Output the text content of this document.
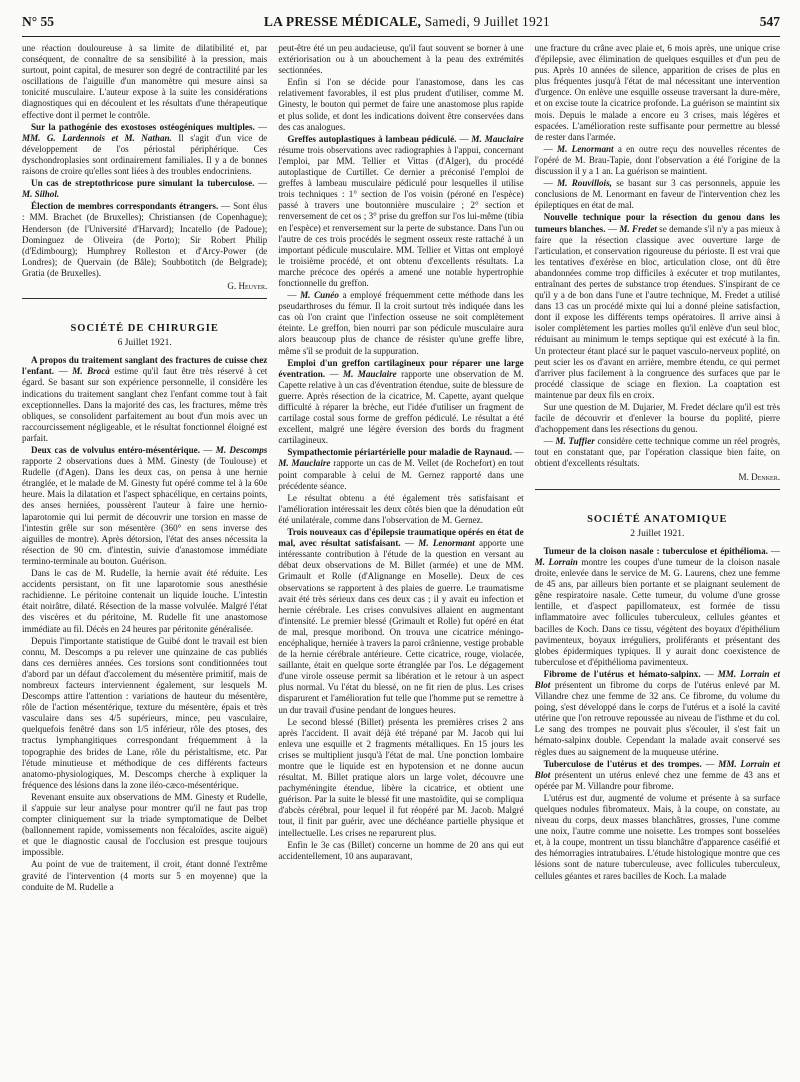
N° 55	LA PRESSE MÉDICALE, Samedi, 9 Juillet 1921	547

une réaction douloureuse à sa limite de dilatibilité et, par conséquent, de connaître de sa sensibilité à la pression, mais surtout, point capital, de mesurer son degré de contractilité par les oscillations de l'aiguille d'un manomètre qui mesure ainsi sa tonicité musculaire. L'auteur expose à la suite les considérations diagnostiques qui en découlent et les résultats d'une thérapeutique effective dont il permet le contrôle.

Sur la pathogénie des exostoses ostéogéniques multiples. — MM. G. Lardennois et M. Nathan. Il s'agit d'un vice de développement de l'os périostal périphérique. Ces dyschondroplasies sont ordinairement familiales. Il y a de bonnes raisons de croire qu'elles sont liées à des troubles endocriniens.

Un cas de streptothricose pure simulant la tuberculose. — M. Silhol.

Élection de membres correspondants étrangers. — Sont élus : MM. Brachet (de Bruxelles); Christiansen (de Copenhague); Henderson (de l'Université d'Harvard); Incatello (de Padoue); Dominguez de Oliveira (de Porto); Sir Robert Philip (d'Edimbourg); Humphrey Rolleston et d'Arcy-Power (de Londres); de Quervain (de Bâle); Soubbotitch (de Belgrade); Gratia (de Bruxelles).

G. Heuyer.

SOCIÉTÉ DE CHIRURGIE

6 Juillet 1921.

A propos du traitement sanglant des fractures de cuisse chez l'enfant. — M. Brocà estime qu'il faut être très réservé à cet égard. Se basant sur son expérience personnelle, il considère les indications du traitement sanglant chez l'enfant comme tout à fait exceptionnelles. Dans la majorité des cas, les fractures, même très obliques, se consolident parfaitement au bout d'un mois avec un raccourcissement négligeable, et le résultat fonctionnel éloigné est parfait.

Deux cas de volvulus entéro-mésentérique. — M. Descomps rapporte 2 observations dues à MM. Ginesty (de Toulouse) et Rudelle (d'Agen). Dans les deux cas, on pensa à une hernie étranglée, et le malade de M. Ginesty fut opéré comme tel à la 60e heure. Mais la dilatation et l'aspect sphacélique, en certains points, des anses herniées, poussèrent l'auteur à faire une hernio-laparotomie qui lui permit de découvrir une torsion en masse de l'intestin grêle sur son mésentère (360° en sens inverse des aiguilles de montre). Après détorsion, l'état des anses nécessita la résection de 90 cm. d'intestin, suivie d'anastomose immédiate termino-terminale au bouton. Guérison.

Dans le cas de M. Rudelle, la hernie avait été réduite. Les accidents persistant, on fit une laparotomie sous anesthésie rachidienne. Le péritoine contenait un liquide louche. L'intestin était noirâtre, dilaté. Résection de la masse volvulée. Malgré l'état des viscères et du péritoine, M. Rudelle fit une anastomose immédiate au fil. Décès en 24 heures par péritonite généralisée.

Depuis l'importante statistique de Guibé dont le travail est bien connu, M. Descomps a pu relever une quinzaine de cas publiés dans ces dernières années. Ces torsions sont conditionnées tout d'abord par un défaut d'accolement du mésentère primitif, mais de nombreux facteurs interviennent également, sur lesquels M. Descomps attire l'attention : variations de hauteur du mésentère, rôle de l'action mésentérique, texture du mésentère, épais et très vasculaire dans ses 4/5 supérieurs, mince, peu vasculaire, quelquefois fenêtré dans son 1/5 inférieur, rôle des ptoses, des tractus lymphangitiques correspondant fréquemment à la topographie des brides de Lane, rôle du péristaltisme, etc. Par l'étude minutieuse et méthodique de ces différents facteurs anatomo-physiologiques, M. Descomps cherche à expliquer la fréquence des lésions dans la zone iléo-cæco-mésentérique.

Revenant ensuite aux observations de MM. Ginesty et Rudelle, il s'appuie sur leur analyse pour montrer qu'il ne faut pas trop compter cliniquement sur la triade symptomatique de Delbet (ballonnement rapide, vomissements non fécaloïdes, ascite aiguë) et que le diagnostic causal de l'occlusion est presque toujours impossible.

Au point de vue de traitement, il croit, étant donné l'extrême gravité de l'intervention (4 morts sur 5 en moyenne) que la conduite de M. Rudelle a

peut-être été un peu audacieuse, qu'il faut souvent se borner à une extériorisation ou à un abouchement à la peau des extrémités sectionnées.

Enfin si l'on se décide pour l'anastomose, dans les cas relativement favorables, il est plus prudent d'utiliser, comme M. Ginesty, le bouton qui permet de faire une anastomose plus rapide et plus solide, et dont les indications doivent être conservées dans des cas analogues.

Greffes autoplastiques à lambeau pédiculé. — M. Mauclaire résume trois observations avec radiographies à l'appui, concernant l'emploi, par MM. Tellier et Vittas (d'Alger), du procédé autoplastique de Curtillet. Ce dernier a préconisé l'emploi de greffes à lambeau musculaire pédiculé pour lesquelles il utilise trois techniques : 1° section de l'os voisin (péroné en l'espèce) passé à travers une boutonnière musculaire ; 2° section et renversement de cet os ; 3° prise du greffon sur l'os lui-même (tibia en l'espèce) et renversement sur la perte de substance. Dans l'un ou l'autre de ces trois procédés le segment osseux reste rattaché à un important pédicule musculaire. MM. Tellier et Vittas ont employé le troisième procédé, et ont obtenu d'excellents résultats. La marche précoce des opérés a amené une notable hypertrophie fonctionnelle du greffon.

— M. Cunéo a employé fréquemment cette méthode dans les pseudarthroses du fémur. Il la croit surtout très indiquée dans les cas où l'on craint que l'infection osseuse ne soit complètement éteinte. Le greffon, bien nourri par son pédicule musculaire aura alors beaucoup plus de chance de résister qu'une greffe libre, même s'il se produit de la suppuration.

Emploi d'un greffon cartilagineux pour réparer une large éventration. — M. Mauclaire rapporte une observation de M. Capette relative à un cas d'éventration étendue, suite de blessure de guerre. Après résection de la cicatrice, M. Capette, ayant quelque difficulté à réparer la brèche, eut l'idée d'utiliser un fragment de cartilage costal sous forme de greffon pédiculé. Le résultat a été excellent, malgré une légère éversion des bords du fragment cartilagineux.

Sympathectomie périartérielle pour maladie de Raynaud. — M. Mauclaire rapporte un cas de M. Vellet (de Rochefort) en tout point comparable à celui de M. Gernez rapporté dans une précédente séance.

Le résultat obtenu a été également très satisfaisant et l'amélioration intéressait les deux côtés bien que la dénudation eût été unilatérale, comme dans l'observation de M. Gernez.

Trois nouveaux cas d'épilepsie traumatique opérés en état de mal, avec résultat satisfaisant. — M. Lenormant apporte une intéressante contribution à l'étude de la question en versant au débat deux observations de M. Billet (armée) et une de MM. Grimault et Rolle (d'Alignange en Moselle). Deux de ces observations se rapportent à des plaies de guerre. Le traumatisme avait été très sérieux dans ces deux cas ; il y avait eu infection et hernie cérébrale. Les crises convulsives allaient en augmentant d'intensité. Le premier blessé (Grimault et Rolle) fut opéré en état de mal, presque moribond. On trouva une cicatrice méningo-encéphalique, herniée à travers la paroi crânienne, vestige probable de la hernie cérébrale antérieure. Cette cicatrice, rouge, violacée, saillante, était en quelque sorte étranglée par l'os. Le dégagement d'une virole osseuse permit sa libération et le retour à un aspect plus normal. Vu l'état du blessé, on ne fit rien de plus. Les crises disparurent et l'amélioration fut telle que l'homme put se remettre à un dur travail d'usine pendant de longues heures.

Le second blessé (Billet) présenta les premières crises 2 ans après l'accident. Il avait déjà été trépané par M. Jacob qui lui enleva une esquille et 2 fragments métalliques. En 15 jours les crises se multiplient jusqu'à l'état de mal. Une ponction lombaire montre que le liquide est en hypotension et ne donne aucun résultat. M. Billet pratique alors un large volet, découvre une pachyméningite étendue, libère la cicatrice, et obtient une guérison. Par la suite le blessé fit une mastoïdite, qui se compliqua d'abcès cérébral, pour lequel il fut réopéré par M. Jacob. Malgré tout, il finit par guérir, avec une déchéance partielle physique et intellectuelle. Les crises ne reparurent plus.

Enfin le 3e cas (Billet) concerne un homme de 20 ans qui eut accidentellement, 10 ans auparavant,

une fracture du crâne avec plaie et, 6 mois après, une unique crise d'épilepsie, avec élimination de quelques esquilles et d'un peu de pus. Après 10 années de silence, apparition de crises de plus en plus fréquentes jusqu'à l'état de mal nécessitant une intervention d'urgence. On enlève une esquille osseuse traversant la dure-mère, et on excise toute la cicatrice profonde. La guérison se maintint six mois. Depuis le malade a encore eu 3 crises, mais légères et espacées. L'amélioration reste suffisante pour permettre au blessé de rester dans l'armée.

— M. Lenormant a en outre reçu des nouvelles récentes de l'opéré de M. Brau-Tapie, dont l'observation a été l'origine de la discussion il y a 1 an. La guérison se maintient.

— M. Rouvillois, se basant sur 3 cas personnels, appuie les conclusions de M. Lenormant en faveur de l'intervention chez les épileptiques en état de mal.

Nouvelle technique pour la résection du genou dans les tumeurs blanches. — M. Fredet se demande s'il n'y a pas mieux à faire que la résection classique avec ouverture large de l'articulation, et conservation rigoureuse du périoste. Il est vrai que les tentatives d'exérèse en bloc, articulation close, ont dû être abandonnées comme trop difficiles à exécuter et trop mutilantes, entraînant des pertes de substance trop étendues. S'inspirant de ce qu'il y a de bon dans l'une et l'autre technique, M. Fredet a utilisé dans 13 cas un procédé mixte qui lui a donné pleine satisfaction, dont il expose les différents temps opératoires. Il arrive ainsi à isoler complètement les parties molles qu'il enlève d'un seul bloc, réduisant au minimum le temps septique qui est exécuté à la fin. Un protecteur étant placé sur le paquet vasculo-nerveux poplité, on peut scier les os d'avant en arrière, membre étendu, ce qui permet d'arriver plus facilement à la congruence des surfaces que par le procédé classique de sciage en flexion. La coaptation est maintenue par deux fils en croix.

Sur une question de M. Dujarier, M. Fredet déclare qu'il est très facile de découvrir et d'enlever la bourse du poplité, pierre d'achoppement dans les résections du genou.

— M. Tuffier considère cette technique comme un réel progrès, tout en constatant que, par l'opération classique bien faite, on obtient d'excellents résultats.

M. Denker.

SOCIÉTÉ ANATOMIQUE

2 Juillet 1921.

Tumeur de la cloison nasale : tuberculose et épithélioma. — M. Lorrain montre les coupes d'une tumeur de la cloison nasale droite, enlevée dans le service de M. G. Laurens, chez une femme de 45 ans, par ailleurs bien portante et se plaignant seulement de gêne respiratoire nasale. Cette tumeur, du volume d'une grosse lentille, et d'aspect papillomateux, est formée de tissu inflammatoire avec follicules tuberculeux, cellules géantes et bacilles de Koch. Dans ce tissu, végètent des boyaux d'épithélium pavimenteux, boyaux irréguliers, proliférants et présentant des globes épidermiques typiques. Il y aurait donc coexistence de tuberculose et d'épithélioma pavimenteux.

Fibrome de l'utérus et hémato-salpinx. — MM. Lorrain et Blot présentent un fibrome du corps de l'utérus enlevé par M. Villandre chez une femme de 32 ans. Ce fibrome, du volume du poing, s'est développé dans le corps de l'utérus et a isolé la cavité utérine que l'on retrouve repoussée au niveau de l'isthme et du col. Le sang des trompes ne pouvait plus s'écouler, il s'est fait un hémato-salpinx double. Cependant la malade avait conservé ses règles dues au saignement de la muqueuse utérine.

Tuberculose de l'utérus et des trompes. — MM. Lorrain et Blot présentent un utérus enlevé chez une femme de 43 ans et opérée par M. Villandre pour fibrome.

L'utérus est dur, augmenté de volume et présente à sa surface quelques nodules fibromateux. Mais, à la coupe, on constate, au niveau du corps, deux masses blanchâtres, grosses, l'une comme une noix, l'autre comme une noisette. Les trompes sont bosselées et, à la coupe, montrent un tissu blanchâtre d'apparence caséifié et des hémorragies intratubaires. L'étude histologique montre que ces lésions sont de nature tuberculeuse, avec follicules tuberculeux, cellules géantes et rares bacilles de Koch. La malade
